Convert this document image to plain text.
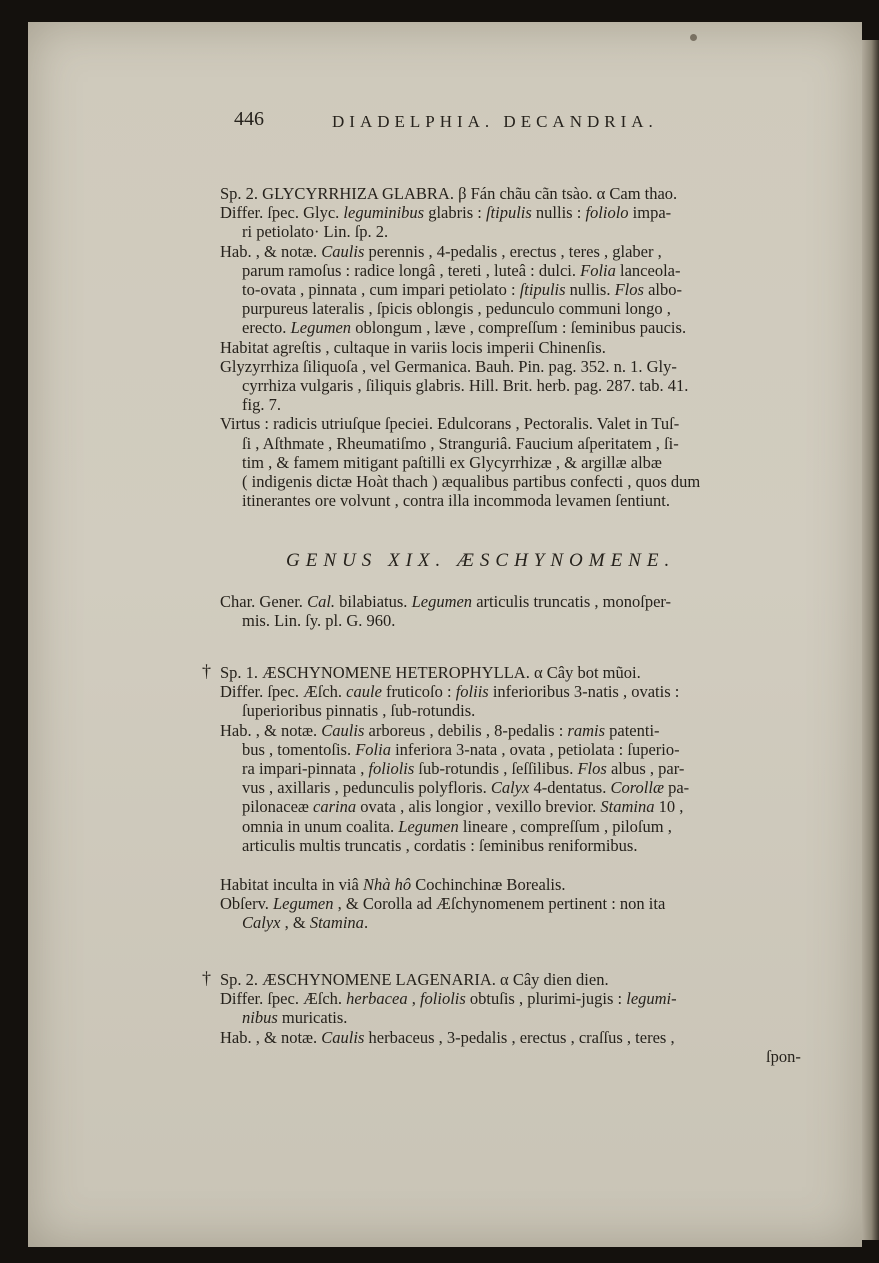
446	DIADELPHIA. DECANDRIA.
Sp. 2. GLYCYRRHIZA GLABRA. β Fán chãu cãn tsào. α Cam thao.
Differ. ſpec. Glyc. leguminibus glabris : ſtipulis nullis : foliolo impa-
ri petiolato· Lin. ſp. 2.
Hab. , & notæ. Caulis perennis , 4-pedalis , erectus , teres , glaber ,
parum ramoſus : radice longâ , tereti , luteâ : dulci. Folia lanceola-
to-ovata , pinnata , cum impari petiolato : ſtipulis nullis. Flos albo-
purpureus lateralis , ſpicis oblongis , pedunculo communi longo ,
erecto. Legumen oblongum , læve , compreſſum : ſeminibus paucis.
Habitat agreſtis , cultaque in variis locis imperii Chinenſis.
Glyzyrrhiza ſiliquoſa , vel Germanica. Bauh. Pin. pag. 352. n. 1. Gly-
cyrrhiza vulgaris , ſiliquis glabris. Hill. Brit. herb. pag. 287. tab. 41.
fig. 7.
Virtus : radicis utriuſque ſpeciei. Edulcorans , Pectoralis. Valet in Tuſ-
ſi , Aſthmate , Rheumatiſmo , Stranguriâ. Faucium aſperitatem , ſi-
tim , & famem mitigant paſtilli ex Glycyrrhizæ , & argillæ albæ
( indigenis dictæ Hoàt thach ) æqualibus partibus confecti , quos dum
itinerantes ore volvunt , contra illa incommoda levamen ſentiunt.
GENUS XIX. ÆSCHYNOMENE.
Char. Gener. Cal. bilabiatus. Legumen articulis truncatis , monoſper-
mis. Lin. ſy. pl. G. 960.
Sp. 1. ÆSCHYNOMENE HETEROPHYLLA. α Cây bot mũoi.
†
Differ. ſpec. Æſch. caule fruticoſo : foliis inferioribus 3-natis , ovatis :
ſuperioribus pinnatis , ſub-rotundis.
Hab. , & notæ. Caulis arboreus , debilis , 8-pedalis : ramis patenti-
bus , tomentoſis. Folia inferiora 3-nata , ovata , petiolata : ſuperio-
ra impari-pinnata , foliolis ſub-rotundis , ſeſſilibus. Flos albus , par-
vus , axillaris , pedunculis polyfloris. Calyx 4-dentatus. Corollæ pa-
pilonaceæ carina ovata , alis longior , vexillo brevior. Stamina 10 ,
omnia in unum coalita. Legumen lineare , compreſſum , piloſum ,
articulis multis truncatis , cordatis : ſeminibus reniformibus.
Habitat inculta in viâ Nhà hô Cochinchinæ Borealis.
Obſerv. Legumen , & Corolla ad Æſchynomenem pertinent : non ita
Calyx , & Stamina.
Sp. 2. ÆSCHYNOMENE LAGENARIA. α Cây dien dien.
†
Differ. ſpec. Æſch. herbacea , foliolis obtuſis , plurimi-jugis : legumi-
nibus muricatis.
Hab. , & notæ. Caulis herbaceus , 3-pedalis , erectus , craſſus , teres ,
ſpon-
